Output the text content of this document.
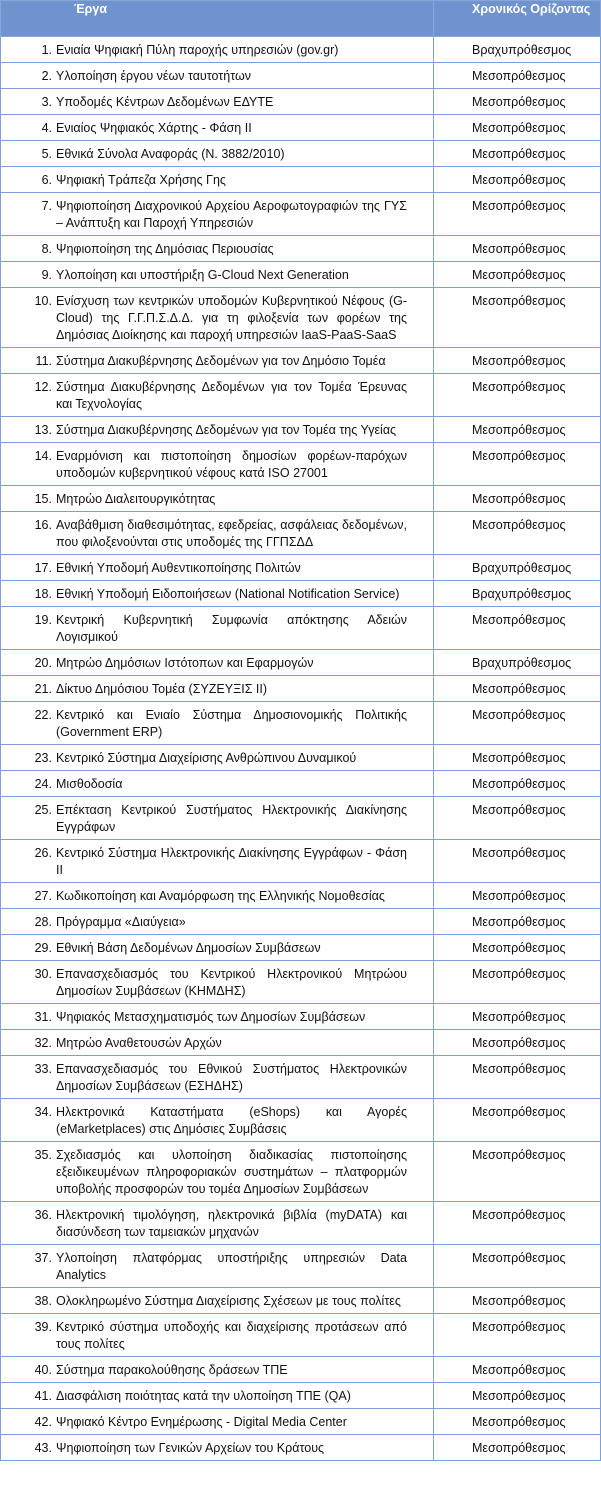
Έργα	Χρονικός Ορίζοντας

1. Ενιαία Ψηφιακή Πύλη παροχής υπηρεσιών (gov.gr)	Βραχυπρόθεσμος

2. Υλοποίηση έργου νέων ταυτοτήτων	Μεσοπρόθεσμος

3. Υποδομές Κέντρων Δεδομένων ΕΔΥΤΕ	Μεσοπρόθεσμος

4. Ενιαίος Ψηφιακός Χάρτης - Φάση ΙΙ	Μεσοπρόθεσμος

5. Εθνικά Σύνολα Αναφοράς (Ν. 3882/2010)	Μεσοπρόθεσμος

6. Ψηφιακή Τράπεζα Χρήσης Γης	Μεσοπρόθεσμος

7. Ψηφιοποίηση Διαχρονικού Αρχείου Αεροφωτογραφιών της ΓΥΣ – Ανάπτυξη και Παροχή Υπηρεσιών	Μεσοπρόθεσμος

8. Ψηφιοποίηση της Δημόσιας Περιουσίας	Μεσοπρόθεσμος

9. Υλοποίηση και υποστήριξη G-Cloud Next Generation	Μεσοπρόθεσμος

10. Ενίσχυση των κεντρικών υποδομών Κυβερνητικού Νέφους (G- Cloud) της Γ.Γ.Π.Σ.Δ.Δ. για τη φιλοξενία των φορέων της Δημόσιας Διοίκησης και παροχή υπηρεσιών IaaS-PaaS-SaaS	Μεσοπρόθεσμος

11. Σύστημα Διακυβέρνησης Δεδομένων για τον Δημόσιο Τομέα	Μεσοπρόθεσμος

12. Σύστημα Διακυβέρνησης Δεδομένων για τον Τομέα Έρευνας και Τεχνολογίας	Μεσοπρόθεσμος

13. Σύστημα Διακυβέρνησης Δεδομένων για τον Τομέα της Υγείας	Μεσοπρόθεσμος

14. Εναρμόνιση και πιστοποίηση δημοσίων φορέων-παρόχων υποδομών κυβερνητικού νέφους κατά ISO 27001	Μεσοπρόθεσμος

15. Μητρώο Διαλειτουργικότητας	Μεσοπρόθεσμος

16. Αναβάθμιση διαθεσιμότητας, εφεδρείας, ασφάλειας δεδομένων, που φιλοξενούνται στις υποδομές της ΓΓΠΣΔΔ	Μεσοπρόθεσμος

17. Εθνική Υποδομή Αυθεντικοποίησης Πολιτών	Βραχυπρόθεσμος

18. Εθνική Υποδομή Ειδοποιήσεων (National Notification Service)	Βραχυπρόθεσμος

19. Κεντρική Κυβερνητική Συμφωνία απόκτησης Αδειών Λογισμικού	Μεσοπρόθεσμος

20. Μητρώο Δημόσιων Ιστότοπων και Εφαρμογών	Βραχυπρόθεσμος

21. Δίκτυο Δημόσιου Τομέα (ΣΥΖΕΥΞΙΣ ΙΙ)	Μεσοπρόθεσμος

22. Κεντρικό και Ενιαίο Σύστημα Δημοσιονομικής Πολιτικής (Government ERP)	Μεσοπρόθεσμος

23. Κεντρικό Σύστημα Διαχείρισης Ανθρώπινου Δυναμικού	Μεσοπρόθεσμος

24. Μισθοδοσία	Μεσοπρόθεσμος

25. Επέκταση Κεντρικού Συστήματος Ηλεκτρονικής Διακίνησης Εγγράφων	Μεσοπρόθεσμος

26. Κεντρικό Σύστημα Ηλεκτρονικής Διακίνησης Εγγράφων - Φάση ΙΙ	Μεσοπρόθεσμος

27. Κωδικοποίηση και Αναμόρφωση της Ελληνικής Νομοθεσίας	Μεσοπρόθεσμος

28. Πρόγραμμα «Διαύγεια»	Μεσοπρόθεσμος

29. Εθνική Βάση Δεδομένων Δημοσίων Συμβάσεων	Μεσοπρόθεσμος

30. Επανασχεδιασμός του Κεντρικού Ηλεκτρονικού Μητρώου Δημοσίων Συμβάσεων (ΚΗΜΔΗΣ)	Μεσοπρόθεσμος

31. Ψηφιακός Μετασχηματισμός των Δημοσίων Συμβάσεων	Μεσοπρόθεσμος

32. Μητρώο Αναθετουσών Αρχών	Μεσοπρόθεσμος

33. Επανασχεδιασμός του Εθνικού Συστήματος Ηλεκτρονικών Δημοσίων Συμβάσεων (ΕΣΗΔΗΣ)	Μεσοπρόθεσμος

34. Ηλεκτρονικά Καταστήματα (eShops) και Αγορές (eMarketplaces) στις Δημόσιες Συμβάσεις	Μεσοπρόθεσμος

35. Σχεδιασμός και υλοποίηση διαδικασίας πιστοποίησης εξειδικευμένων πληροφοριακών συστημάτων – πλατφορμών υποβολής προσφορών του τομέα Δημοσίων Συμβάσεων	Μεσοπρόθεσμος

36. Ηλεκτρονική τιμολόγηση, ηλεκτρονικά βιβλία (myDATA) και διασύνδεση των ταμειακών μηχανών	Μεσοπρόθεσμος

37. Υλοποίηση πλατφόρμας υποστήριξης υπηρεσιών Data Analytics	Μεσοπρόθεσμος

38. Ολοκληρωμένο Σύστημα Διαχείρισης Σχέσεων με τους πολίτες	Μεσοπρόθεσμος

39. Κεντρικό σύστημα υποδοχής και διαχείρισης προτάσεων από τους πολίτες	Μεσοπρόθεσμος

40. Σύστημα παρακολούθησης δράσεων ΤΠΕ	Μεσοπρόθεσμος

41. Διασφάλιση ποιότητας κατά την υλοποίηση ΤΠΕ (QA)	Μεσοπρόθεσμος

42. Ψηφιακό Κέντρο Ενημέρωσης - Digital Media Center	Μεσοπρόθεσμος

43. Ψηφιοποίηση των Γενικών Αρχείων του Κράτους	Μεσοπρόθεσμος
